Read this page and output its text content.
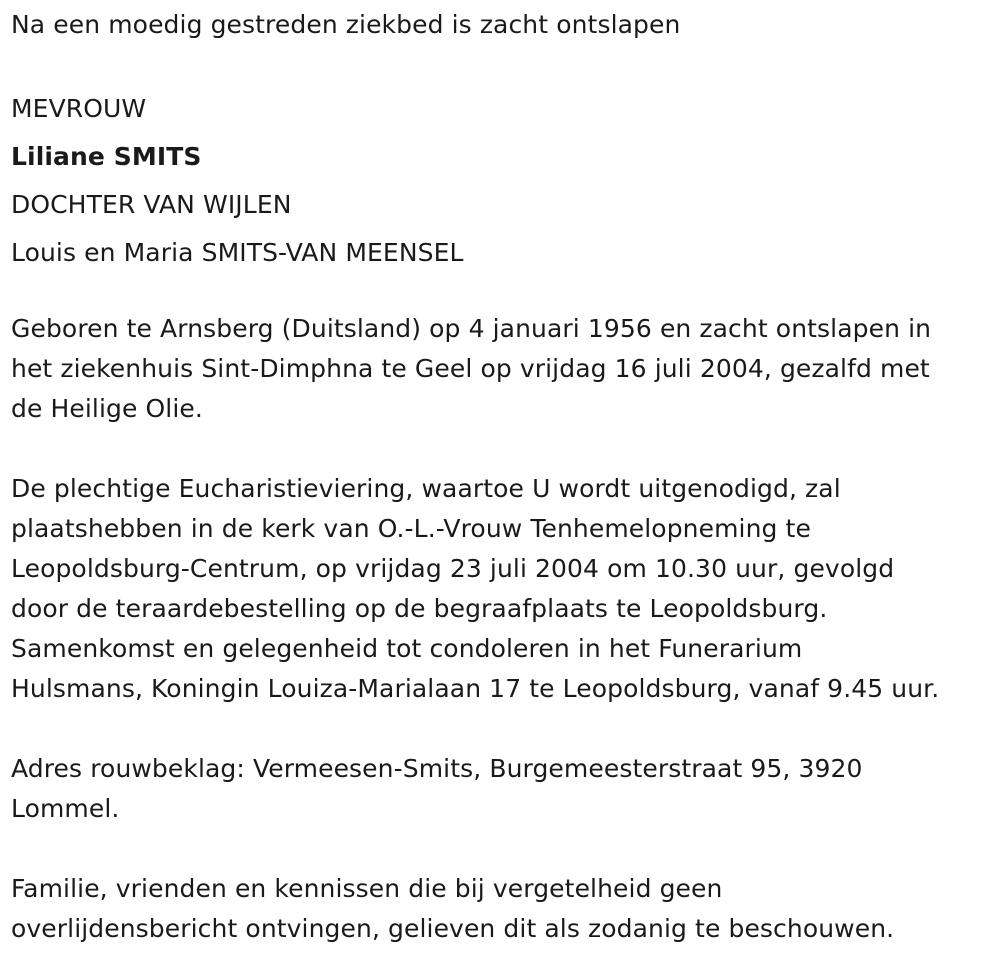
Na een moedig gestreden ziekbed is zacht ontslapen

MEVROUW
Liliane SMITS
DOCHTER VAN WIJLEN
Louis en Maria SMITS-VAN MEENSEL

Geboren te Arnsberg (Duitsland) op 4 januari 1956 en zacht ontslapen in
het ziekenhuis Sint-Dimphna te Geel op vrijdag 16 juli 2004, gezalfd met
de Heilige Olie.

De plechtige Eucharistieviering, waartoe U wordt uitgenodigd, zal
plaatshebben in de kerk van O.-L.-Vrouw Tenhemelopneming te
Leopoldsburg-Centrum, op vrijdag 23 juli 2004 om 10.30 uur, gevolgd
door de teraardebestelling op de begraafplaats te Leopoldsburg.
Samenkomst en gelegenheid tot condoleren in het Funerarium
Hulsmans, Koningin Louiza-Marialaan 17 te Leopoldsburg, vanaf 9.45 uur.

Adres rouwbeklag: Vermeesen-Smits, Burgemeesterstraat 95, 3920
Lommel.

Familie, vrienden en kennissen die bij vergetelheid geen
overlijdensbericht ontvingen, gelieven dit als zodanig te beschouwen.
